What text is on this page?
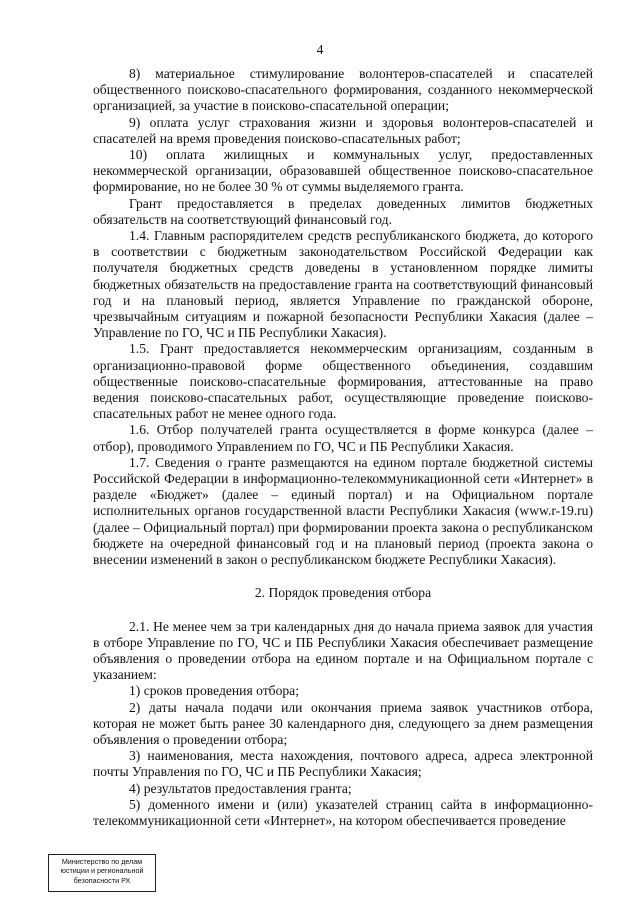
4

8) материальное стимулирование волонтеров-спасателей и спасателей общественного поисково-спасательного формирования, созданного некоммерческой организацией, за участие в поисково-спасательной операции;

9) оплата услуг страхования жизни и здоровья волонтеров-спасателей и спасателей на время проведения поисково-спасательных работ;

10) оплата жилищных и коммунальных услуг, предоставленных некоммерческой организации, образовавшей общественное поисково-спасательное формирование, но не более 30 % от суммы выделяемого гранта.

Грант предоставляется в пределах доведенных лимитов бюджетных обязательств на соответствующий финансовый год.

1.4. Главным распорядителем средств республиканского бюджета, до которого в соответствии с бюджетным законодательством Российской Федерации как получателя бюджетных средств доведены в установленном порядке лимиты бюджетных обязательств на предоставление гранта на соответствующий финансовый год и на плановый период, является Управление по гражданской обороне, чрезвычайным ситуациям и пожарной безопасности Республики Хакасия (далее – Управление по ГО, ЧС и ПБ Республики Хакасия).

1.5. Грант предоставляется некоммерческим организациям, созданным в организационно-правовой форме общественного объединения, создавшим общественные поисково-спасательные формирования, аттестованные на право ведения поисково-спасательных работ, осуществляющие проведение поисково-спасательных работ не менее одного года.

1.6. Отбор получателей гранта осуществляется в форме конкурса (далее – отбор), проводимого Управлением по ГО, ЧС и ПБ Республики Хакасия.

1.7. Сведения о гранте размещаются на едином портале бюджетной системы Российской Федерации в информационно-телекоммуникационной сети «Интернет» в разделе «Бюджет» (далее – единый портал) и на Официальном портале исполнительных органов государственной власти Республики Хакасия (www.r-19.ru) (далее – Официальный портал) при формировании проекта закона о республиканском бюджете на очередной финансовый год и на плановый период (проекта закона о внесении изменений в закон о республиканском бюджете Республики Хакасия).

2. Порядок проведения отбора

2.1. Не менее чем за три календарных дня до начала приема заявок для участия в отборе Управление по ГО, ЧС и ПБ Республики Хакасия обеспечивает размещение объявления о проведении отбора на едином портале и на Официальном портале с указанием:

1) сроков проведения отбора;

2) даты начала подачи или окончания приема заявок участников отбора, которая не может быть ранее 30 календарного дня, следующего за днем размещения объявления о проведении отбора;

3) наименования, места нахождения, почтового адреса, адреса электронной почты Управления по ГО, ЧС и ПБ Республики Хакасия;

4) результатов предоставления гранта;

5) доменного имени и (или) указателей страниц сайта в информационно-телекоммуникационной сети «Интернет», на котором обеспечивается проведение

Министерство по делам
юстиции и региональной
безопасности РХ
